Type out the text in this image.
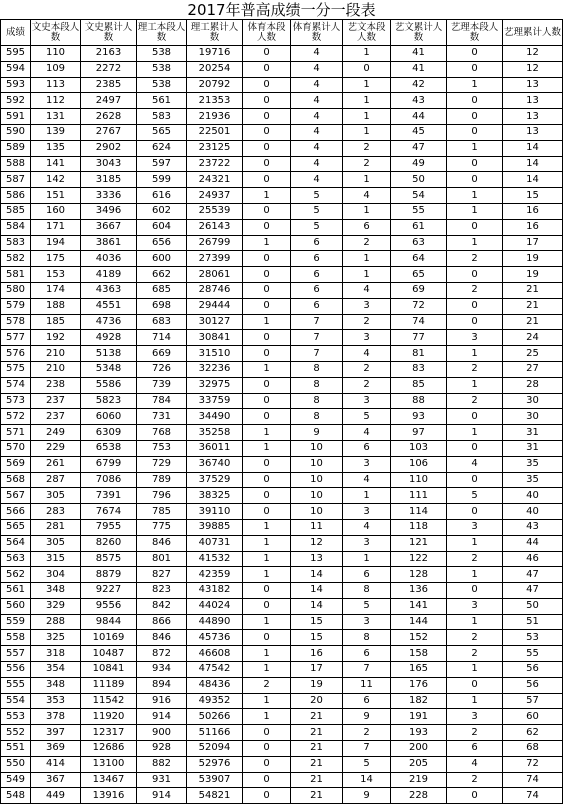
2017年普高成绩一分一段表
成绩	文史本段人数	文史累计人数	理工本段人数	理工累计人数	体育本段人数	体育累计人数	艺文本段人数	艺文累计人数	艺理本段人数	艺理累计人数
595	110	2163	538	19716	0	4	1	41	0	12
594	109	2272	538	20254	0	4	0	41	0	12
593	113	2385	538	20792	0	4	1	42	1	13
592	112	2497	561	21353	0	4	1	43	0	13
591	131	2628	583	21936	0	4	1	44	0	13
590	139	2767	565	22501	0	4	1	45	0	13
589	135	2902	624	23125	0	4	2	47	1	14
588	141	3043	597	23722	0	4	2	49	0	14
587	142	3185	599	24321	0	4	1	50	0	14
586	151	3336	616	24937	1	5	4	54	1	15
585	160	3496	602	25539	0	5	1	55	1	16
584	171	3667	604	26143	0	5	6	61	0	16
583	194	3861	656	26799	1	6	2	63	1	17
582	175	4036	600	27399	0	6	1	64	2	19
581	153	4189	662	28061	0	6	1	65	0	19
580	174	4363	685	28746	0	6	4	69	2	21
579	188	4551	698	29444	0	6	3	72	0	21
578	185	4736	683	30127	1	7	2	74	0	21
577	192	4928	714	30841	0	7	3	77	3	24
576	210	5138	669	31510	0	7	4	81	1	25
575	210	5348	726	32236	1	8	2	83	2	27
574	238	5586	739	32975	0	8	2	85	1	28
573	237	5823	784	33759	0	8	3	88	2	30
572	237	6060	731	34490	0	8	5	93	0	30
571	249	6309	768	35258	1	9	4	97	1	31
570	229	6538	753	36011	1	10	6	103	0	31
569	261	6799	729	36740	0	10	3	106	4	35
568	287	7086	789	37529	0	10	4	110	0	35
567	305	7391	796	38325	0	10	1	111	5	40
566	283	7674	785	39110	0	10	3	114	0	40
565	281	7955	775	39885	1	11	4	118	3	43
564	305	8260	846	40731	1	12	3	121	1	44
563	315	8575	801	41532	1	13	1	122	2	46
562	304	8879	827	42359	1	14	6	128	1	47
561	348	9227	823	43182	0	14	8	136	0	47
560	329	9556	842	44024	0	14	5	141	3	50
559	288	9844	866	44890	1	15	3	144	1	51
558	325	10169	846	45736	0	15	8	152	2	53
557	318	10487	872	46608	1	16	6	158	2	55
556	354	10841	934	47542	1	17	7	165	1	56
555	348	11189	894	48436	2	19	11	176	0	56
554	353	11542	916	49352	1	20	6	182	1	57
553	378	11920	914	50266	1	21	9	191	3	60
552	397	12317	900	51166	0	21	2	193	2	62
551	369	12686	928	52094	0	21	7	200	6	68
550	414	13100	882	52976	0	21	5	205	4	72
549	367	13467	931	53907	0	21	14	219	2	74
548	449	13916	914	54821	0	21	9	228	0	74
